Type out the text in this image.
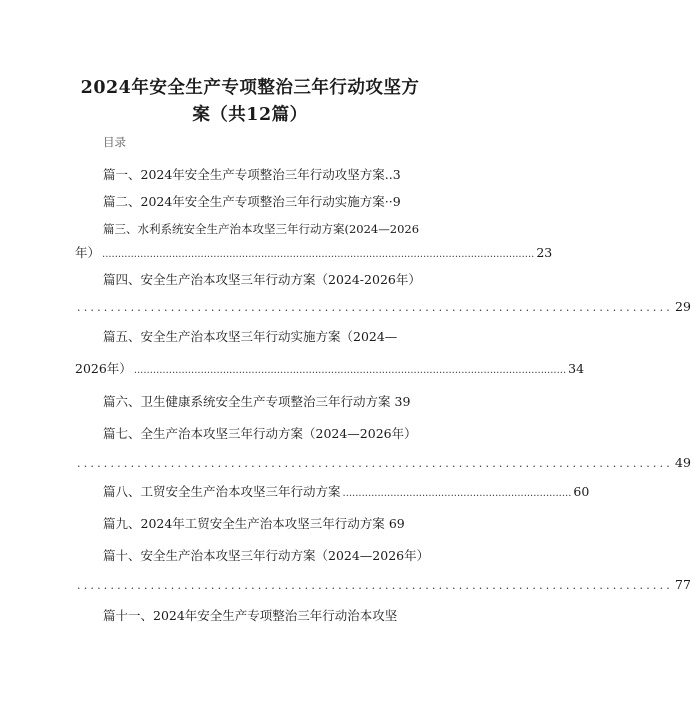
2024年安全生产专项整治三年行动攻坚方
案（共12篇）
目录
篇一、2024年安全生产专项整治三年行动攻坚方案..3
篇二、2024年安全生产专项整治三年行动实施方案··9
篇三、水利系统安全生产治本攻坚三年行动方案(2024—2026
年） ........................................................................................................................................ 23
篇四、安全生产治本攻坚三年行动方案（2024-2026年）
......................................................................................... 29
篇五、安全生产治本攻坚三年行动实施方案（2024—
2026年） ........................................................................................................................................ 34
篇六、卫生健康系统安全生产专项整治三年行动方案 39
篇七、全生产治本攻坚三年行动方案（2024—2026年）
......................................................................................... 49
篇八、工贸安全生产治本攻坚三年行动方案 ........................................................................ 60
篇九、2024年工贸安全生产治本攻坚三年行动方案 69
篇十、安全生产治本攻坚三年行动方案（2024—2026年）
......................................................................................... 77
篇十一、2024年安全生产专项整治三年行动治本攻坚
